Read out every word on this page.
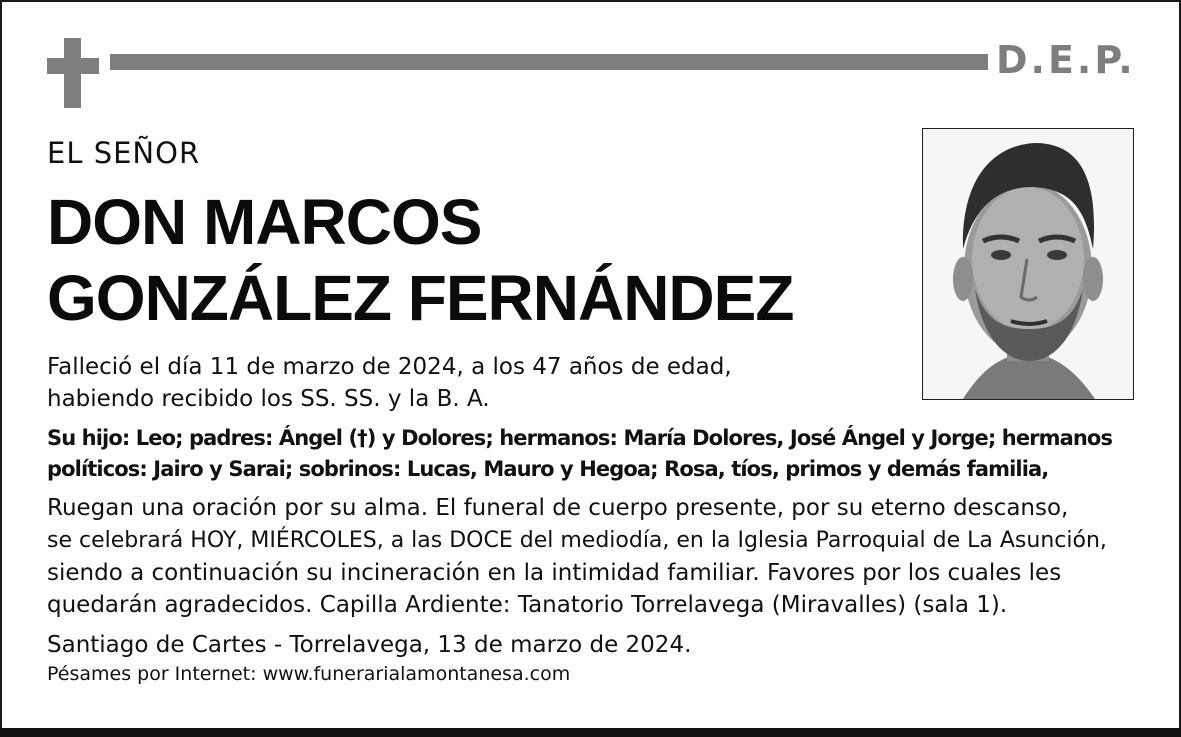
D.E.P.
EL SEÑOR
DON MARCOS
GONZÁLEZ FERNÁNDEZ

Falleció el día 11 de marzo de 2024, a los 47 años de edad,

habiendo recibido los SS. SS. y la B. A.

Su hijo: Leo; padres: Ángel (†) y Dolores; hermanos: María Dolores, José Ángel y Jorge; hermanos

políticos: Jairo y Sarai; sobrinos: Lucas, Mauro y Hegoa; Rosa, tíos, primos y demás familia,

Ruegan una oración por su alma. El funeral de cuerpo presente, por su eterno descanso,

se celebrará HOY, MIÉRCOLES, a las DOCE del mediodía, en la Iglesia Parroquial de La Asunción,

siendo a continuación su incineración en la intimidad familiar. Favores por los cuales les

quedarán agradecidos. Capilla Ardiente: Tanatorio Torrelavega (Miravalles) (sala 1).

Santiago de Cartes - Torrelavega, 13 de marzo de 2024.

Pésames por Internet: www.funerarialamontanesa.com
